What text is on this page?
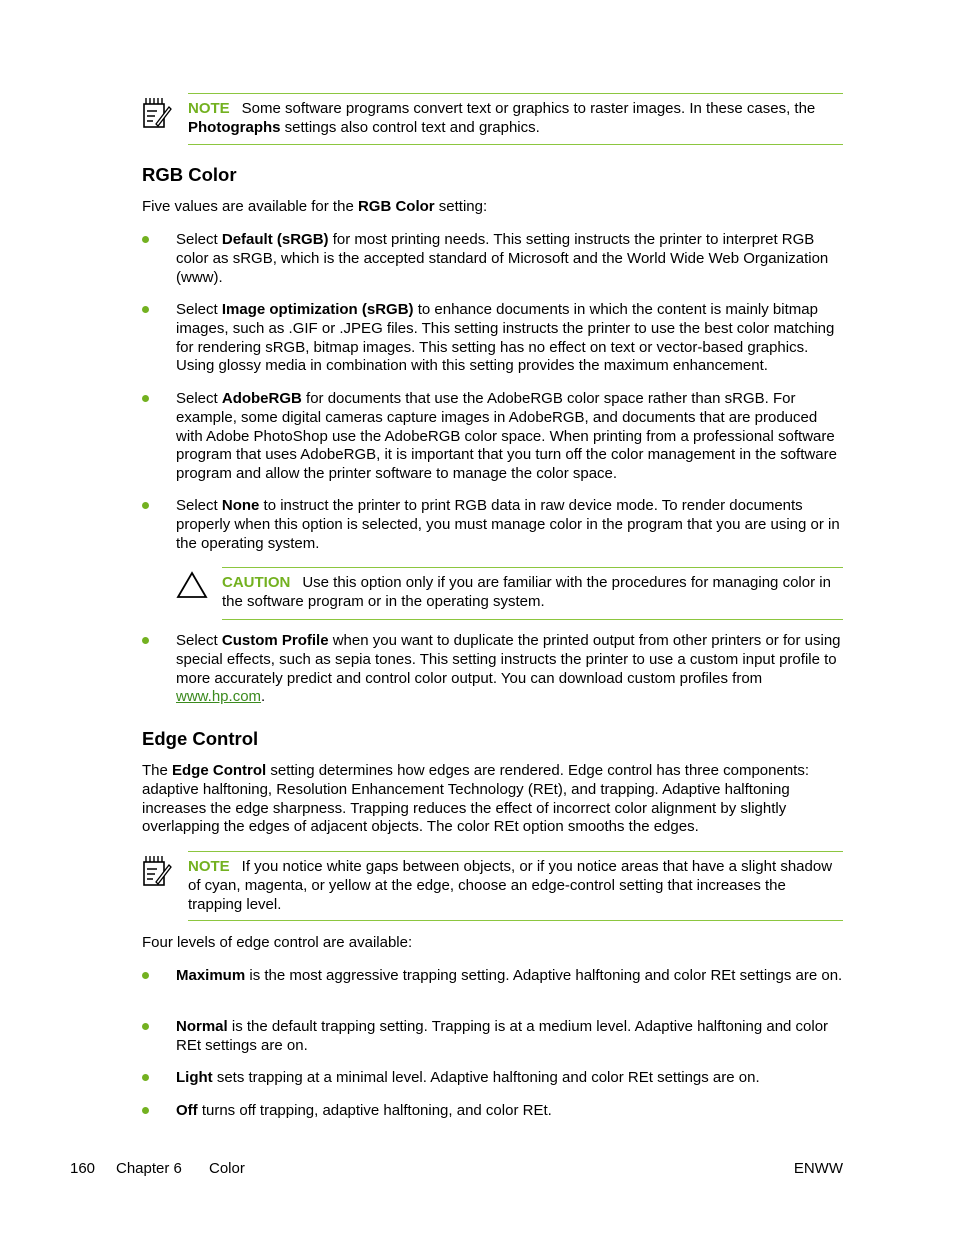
NOTE Some software programs convert text or graphics to raster images. In these cases, the Photographs settings also control text and graphics.
RGB Color
Five values are available for the RGB Color setting:
Select Default (sRGB) for most printing needs. This setting instructs the printer to interpret RGB color as sRGB, which is the accepted standard of Microsoft and the World Wide Web Organization (www).
Select Image optimization (sRGB) to enhance documents in which the content is mainly bitmap images, such as .GIF or .JPEG files. This setting instructs the printer to use the best color matching for rendering sRGB, bitmap images. This setting has no effect on text or vector-based graphics. Using glossy media in combination with this setting provides the maximum enhancement.
Select AdobeRGB for documents that use the AdobeRGB color space rather than sRGB. For example, some digital cameras capture images in AdobeRGB, and documents that are produced with Adobe PhotoShop use the AdobeRGB color space. When printing from a professional software program that uses AdobeRGB, it is important that you turn off the color management in the software program and allow the printer software to manage the color space.
Select None to instruct the printer to print RGB data in raw device mode. To render documents properly when this option is selected, you must manage color in the program that you are using or in the operating system.
CAUTION Use this option only if you are familiar with the procedures for managing color in the software program or in the operating system.
Select Custom Profile when you want to duplicate the printed output from other printers or for using special effects, such as sepia tones. This setting instructs the printer to use a custom input profile to more accurately predict and control color output. You can download custom profiles from www.hp.com.
Edge Control
The Edge Control setting determines how edges are rendered. Edge control has three components: adaptive halftoning, Resolution Enhancement Technology (REt), and trapping. Adaptive halftoning increases the edge sharpness. Trapping reduces the effect of incorrect color alignment by slightly overlapping the edges of adjacent objects. The color REt option smooths the edges.
NOTE If you notice white gaps between objects, or if you notice areas that have a slight shadow of cyan, magenta, or yellow at the edge, choose an edge-control setting that increases the trapping level.
Four levels of edge control are available:
Maximum is the most aggressive trapping setting. Adaptive halftoning and color REt settings are on.
Normal is the default trapping setting. Trapping is at a medium level. Adaptive halftoning and color REt settings are on.
Light sets trapping at a minimal level. Adaptive halftoning and color REt settings are on.
Off turns off trapping, adaptive halftoning, and color REt.
160 Chapter 6 Color	ENWW
